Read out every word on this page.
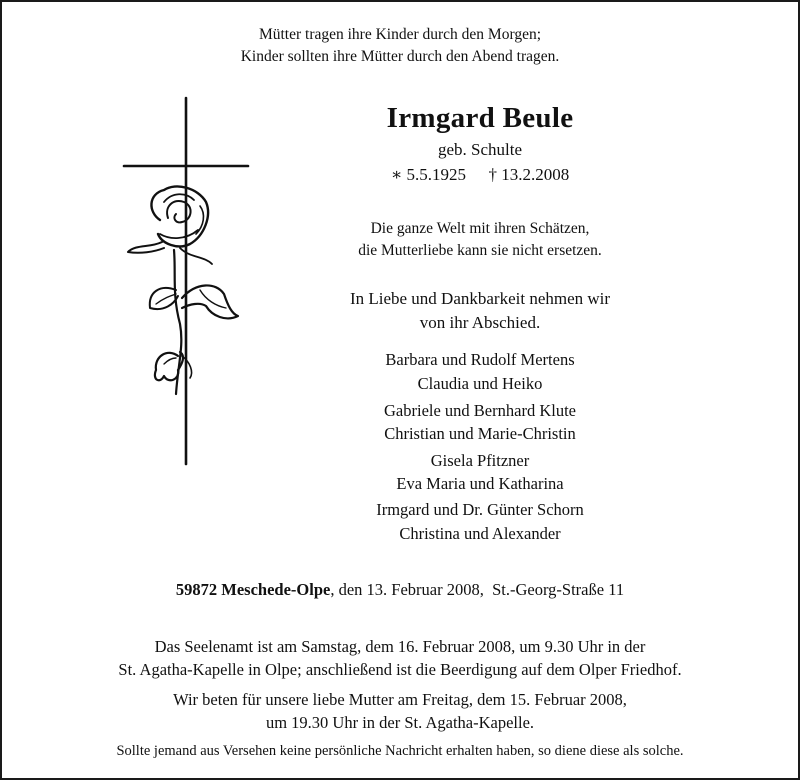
Mütter tragen ihre Kinder durch den Morgen;
Kinder sollten ihre Mütter durch den Abend tragen.
Irmgard Beule
geb. Schulte
∗ 5.5.1925 † 13.2.2008
Die ganze Welt mit ihren Schätzen,
die Mutterliebe kann sie nicht ersetzen.
In Liebe und Dankbarkeit nehmen wir
von ihr Abschied.
Barbara und Rudolf Mertens
Claudia und Heiko
Gabriele und Bernhard Klute
Christian und Marie-Christin
Gisela Pfitzner
Eva Maria und Katharina
Irmgard und Dr. Günter Schorn
Christina und Alexander
59872 Meschede-Olpe, den 13. Februar 2008,  St.-Georg-Straße 11
Das Seelenamt ist am Samstag, dem 16. Februar 2008, um 9.30 Uhr in der
St. Agatha-Kapelle in Olpe; anschließend ist die Beerdigung auf dem Olper Friedhof.
Wir beten für unsere liebe Mutter am Freitag, dem 15. Februar 2008,
um 19.30 Uhr in der St. Agatha-Kapelle.
Sollte jemand aus Versehen keine persönliche Nachricht erhalten haben, so diene diese als solche.
